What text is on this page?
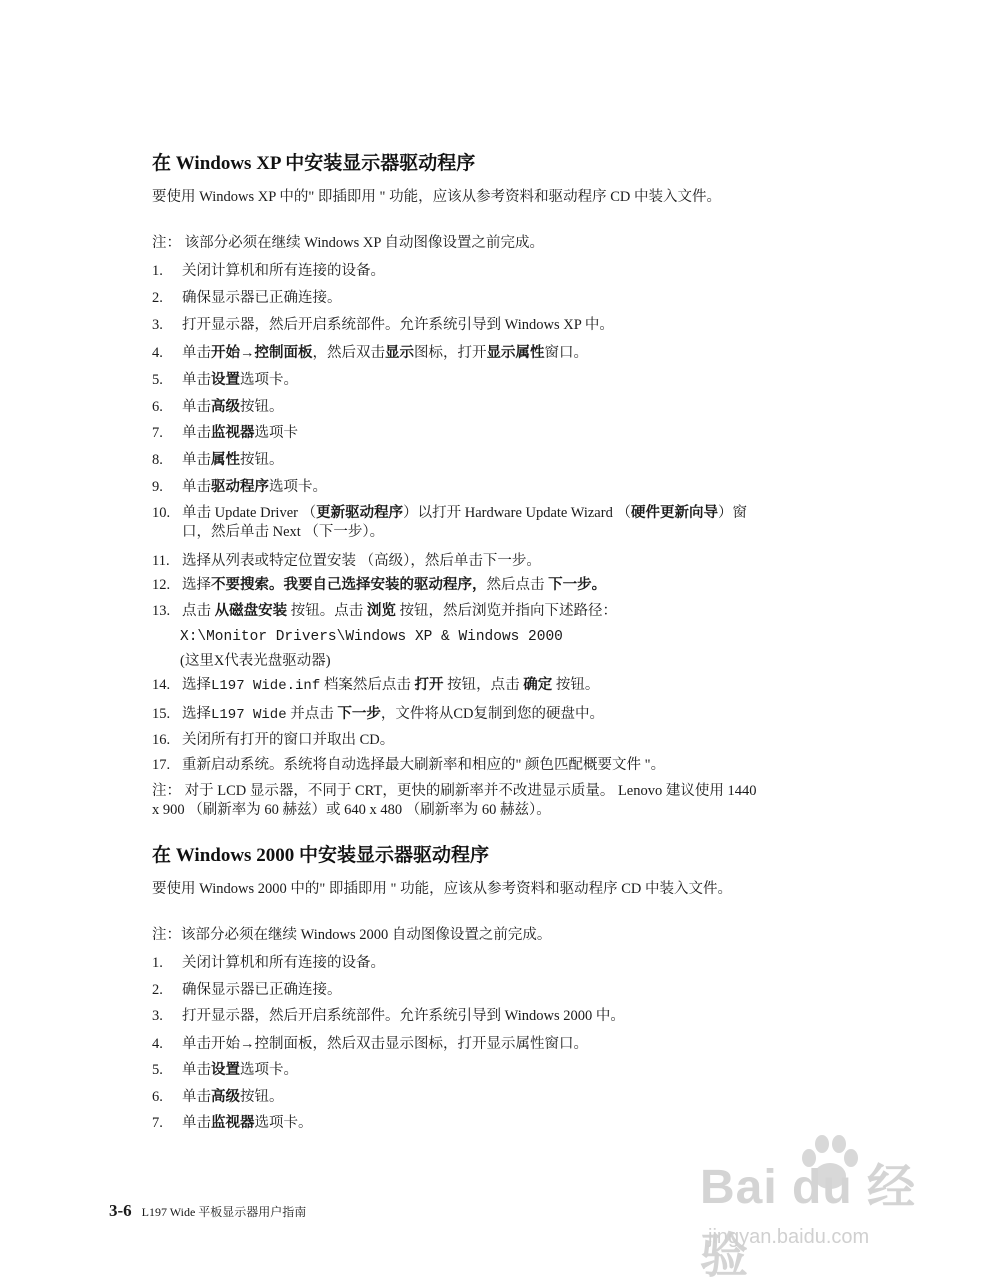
在 Windows XP 中安装显示器驱动程序
要使用 Windows XP 中的" 即插即用 " 功能，应该从参考资料和驱动程序 CD 中装入文件。
注： 该部分必须在继续 Windows XP 自动图像设置之前完成。
1. 关闭计算机和所有连接的设备。
2. 确保显示器已正确连接。
3. 打开显示器，然后开启系统部件。允许系统引导到 Windows XP 中。
4. 单击开始→控制面板，然后双击显示图标，打开显示属性窗口。
5. 单击设置选项卡。
6. 单击高级按钮。
7. 单击监视器选项卡
8. 单击属性按钮。
9. 单击驱动程序选项卡。
10. 单击 Update Driver （更新驱动程序）以打开 Hardware Update Wizard （硬件更新向导）窗口，然后单击 Next （下一步）。
11. 选择从列表或特定位置安装 （高级），然后单击下一步。
12. 选择不要搜索。我要自己选择安装的驱动程序，然后点击 下一步。
13. 点击 从磁盘安装 按钮。点击 浏览 按钮，然后浏览并指向下述路径：
X:\Monitor Drivers\Windows XP & Windows 2000
(这里X代表光盘驱动器)
14. 选择L197 Wide.inf 档案然后点击 打开 按钮，点击 确定 按钮。
15. 选择L197 Wide 并点击 下一步，文件将从CD复制到您的硬盘中。
16. 关闭所有打开的窗口并取出 CD。
17. 重新启动系统。系统将自动选择最大刷新率和相应的" 颜色匹配概要文件 "。
注： 对于 LCD 显示器，不同于 CRT，更快的刷新率并不改进显示质量。 Lenovo 建议使用 1440 x 900 （刷新率为 60 赫兹）或 640 x 480 （刷新率为 60 赫兹）。
在 Windows 2000 中安装显示器驱动程序
要使用 Windows 2000 中的" 即插即用 " 功能，应该从参考资料和驱动程序 CD 中装入文件。
注：该部分必须在继续 Windows 2000 自动图像设置之前完成。
1. 关闭计算机和所有连接的设备。
2. 确保显示器已正确连接。
3. 打开显示器，然后开启系统部件。允许系统引导到 Windows 2000 中。
4. 单击开始→控制面板，然后双击显示图标，打开显示属性窗口。
5. 单击设置选项卡。
6. 单击高级按钮。
7. 单击监视器选项卡。
3-6 L197 Wide 平板显示器用户指南	Bai du 经验
jingyan.baidu.com
